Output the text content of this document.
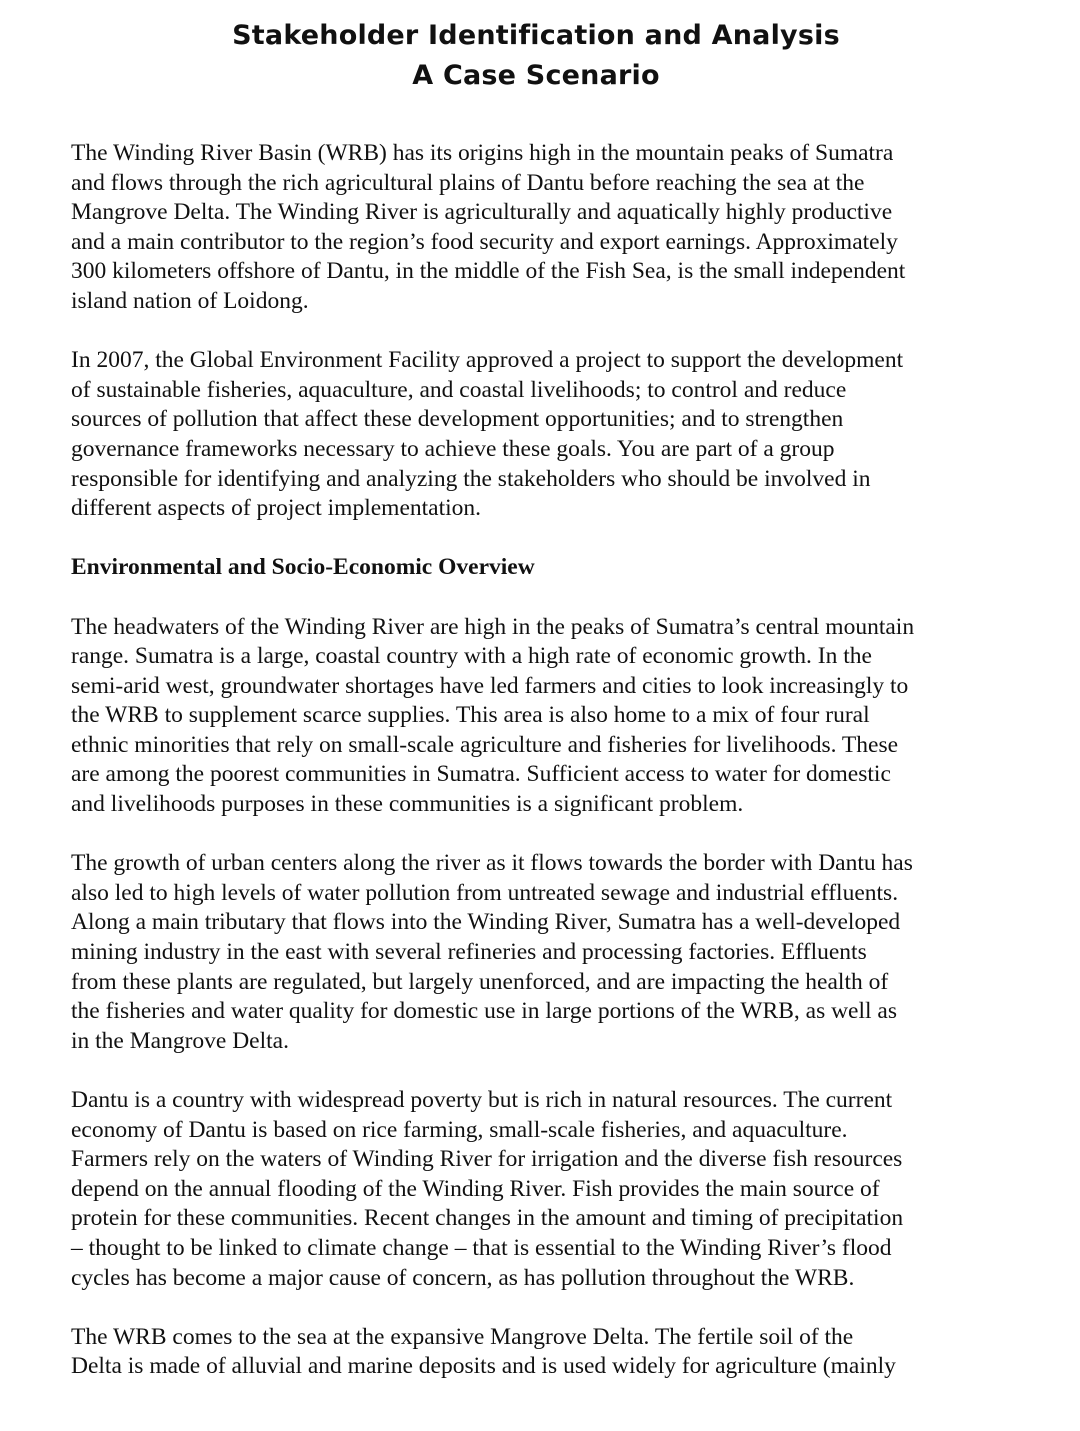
Stakeholder Identification and Analysis
A Case Scenario
The Winding River Basin (WRB) has its origins high in the mountain peaks of Sumatra
and flows through the rich agricultural plains of Dantu before reaching the sea at the
Mangrove Delta. The Winding River is agriculturally and aquatically highly productive
and a main contributor to the region’s food security and export earnings. Approximately
300 kilometers offshore of Dantu, in the middle of the Fish Sea, is the small independent
island nation of Loidong.
In 2007, the Global Environment Facility approved a project to support the development
of sustainable fisheries, aquaculture, and coastal livelihoods; to control and reduce
sources of pollution that affect these development opportunities; and to strengthen
governance frameworks necessary to achieve these goals. You are part of a group
responsible for identifying and analyzing the stakeholders who should be involved in
different aspects of project implementation.
Environmental and Socio-Economic Overview
The headwaters of the Winding River are high in the peaks of Sumatra’s central mountain
range. Sumatra is a large, coastal country with a high rate of economic growth. In the
semi-arid west, groundwater shortages have led farmers and cities to look increasingly to
the WRB to supplement scarce supplies. This area is also home to a mix of four rural
ethnic minorities that rely on small-scale agriculture and fisheries for livelihoods. These
are among the poorest communities in Sumatra. Sufficient access to water for domestic
and livelihoods purposes in these communities is a significant problem.
The growth of urban centers along the river as it flows towards the border with Dantu has
also led to high levels of water pollution from untreated sewage and industrial effluents.
Along a main tributary that flows into the Winding River, Sumatra has a well-developed
mining industry in the east with several refineries and processing factories. Effluents
from these plants are regulated, but largely unenforced, and are impacting the health of
the fisheries and water quality for domestic use in large portions of the WRB, as well as
in the Mangrove Delta.
Dantu is a country with widespread poverty but is rich in natural resources. The current
economy of Dantu is based on rice farming, small-scale fisheries, and aquaculture.
Farmers rely on the waters of Winding River for irrigation and the diverse fish resources
depend on the annual flooding of the Winding River. Fish provides the main source of
protein for these communities. Recent changes in the amount and timing of precipitation
– thought to be linked to climate change – that is essential to the Winding River’s flood
cycles has become a major cause of concern, as has pollution throughout the WRB.
The WRB comes to the sea at the expansive Mangrove Delta. The fertile soil of the
Delta is made of alluvial and marine deposits and is used widely for agriculture (mainly
